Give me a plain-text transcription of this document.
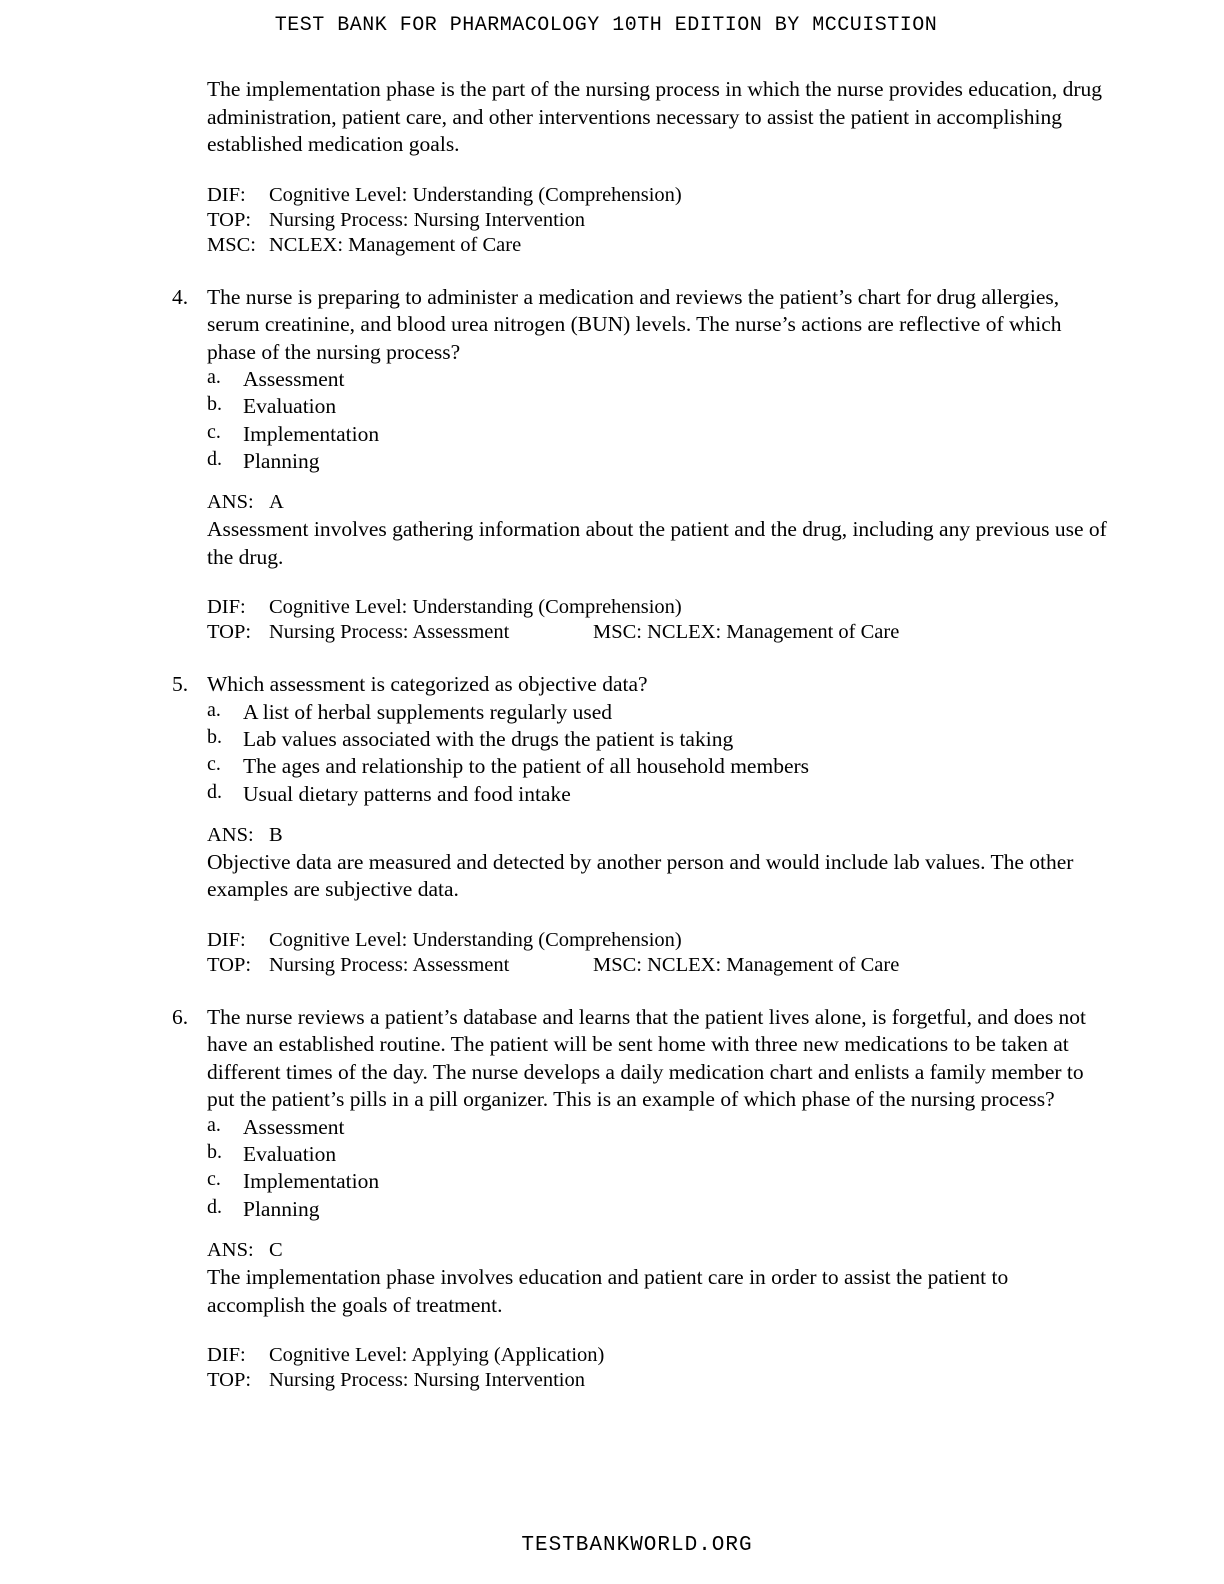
TEST BANK FOR PHARMACOLOGY 10TH EDITION BY MCCUISTION

The implementation phase is the part of the nursing process in which the nurse provides education, drug administration, patient care, and other interventions necessary to assist the patient in accomplishing established medication goals.

DIF: Cognitive Level: Understanding (Comprehension)
TOP: Nursing Process: Nursing Intervention
MSC: NCLEX: Management of Care
4. The nurse is preparing to administer a medication and reviews the patient’s chart for drug allergies, serum creatinine, and blood urea nitrogen (BUN) levels. The nurse’s actions are reflective of which phase of the nursing process?

a. Assessment
b. Evaluation
c. Implementation
d. Planning
ANS: A

Assessment involves gathering information about the patient and the drug, including any previous use of the drug.

DIF: Cognitive Level: Understanding (Comprehension)
TOP: Nursing Process: Assessment	MSC: NCLEX: Management of Care
5. Which assessment is categorized as objective data?

a. A list of herbal supplements regularly used
b. Lab values associated with the drugs the patient is taking
c. The ages and relationship to the patient of all household members
d. Usual dietary patterns and food intake
ANS: B

Objective data are measured and detected by another person and would include lab values. The other examples are subjective data.

DIF: Cognitive Level: Understanding (Comprehension)
TOP: Nursing Process: Assessment	MSC: NCLEX: Management of Care
6. The nurse reviews a patient’s database and learns that the patient lives alone, is forgetful, and does not have an established routine. The patient will be sent home with three new medications to be taken at different times of the day. The nurse develops a daily medication chart and enlists a family member to put the patient’s pills in a pill organizer. This is an example of which phase of the nursing process?

a. Assessment
b. Evaluation
c. Implementation
d. Planning
ANS: C

The implementation phase involves education and patient care in order to assist the patient to accomplish the goals of treatment.

DIF: Cognitive Level: Applying (Application)
TOP: Nursing Process: Nursing Intervention
TESTBANKWORLD.ORG
